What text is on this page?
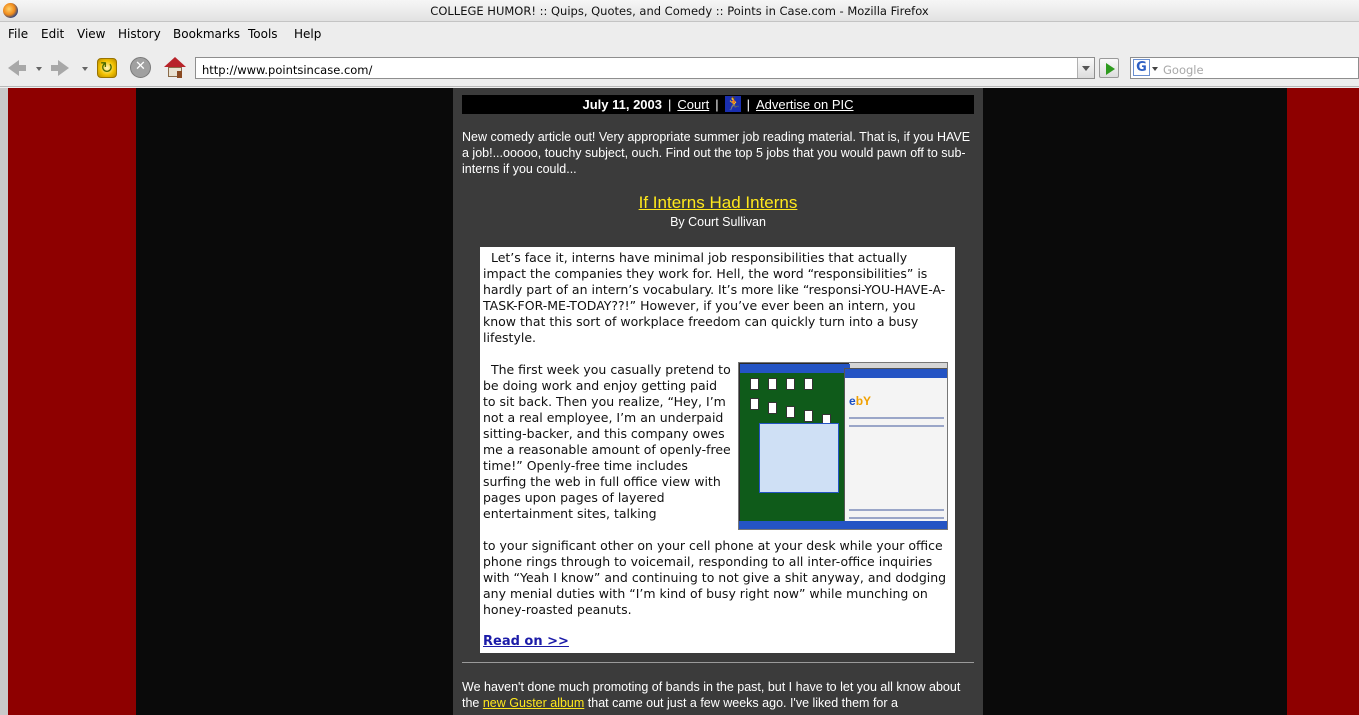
COLLEGE HUMOR! :: Quips, Quotes, and Comedy :: Points in Case.com - Mozilla Firefox
File Edit View History Bookmarks Tools Help
↻
✕
http://www.pointsincase.com/
G
Google
July 11, 2003 | Court |🏃 | Advertise on PIC
New comedy article out! Very appropriate summer job reading material. That is, if you HAVE a job!...ooooo, touchy subject, ouch. Find out the top 5 jobs that you would pawn off to sub-interns if you could...
If Interns Had Interns
By Court Sullivan
Let’s face it, interns have minimal job responsibilities that actually impact the companies they work for. Hell, the word “responsibilities” is hardly part of an intern’s vocabulary. It’s more like “responsi-YOU-HAVE-A-TASK-FOR-ME-TODAY??!” However, if you’ve ever been an intern, you know that this sort of workplace freedom can quickly turn into a busy lifestyle.
The first week you casually pretend to be doing work and enjoy getting paid to sit back. Then you realize, “Hey, I’m not a real employee, I’m an underpaid sitting-backer, and this company owes me a reasonable amount of openly-free time!” Openly-free time includes surfing the web in full office view with pages upon pages of layered entertainment sites, talking
ebY
to your significant other on your cell phone at your desk while your office phone rings through to voicemail, responding to all inter-office inquiries with “Yeah I know” and continuing to not give a shit anyway, and dodging any menial duties with “I’m kind of busy right now” while munching on honey-roasted peanuts.
Read on >>
We haven't done much promoting of bands in the past, but I have to let you all know about the new Guster album that came out just a few weeks ago. I've liked them for a
